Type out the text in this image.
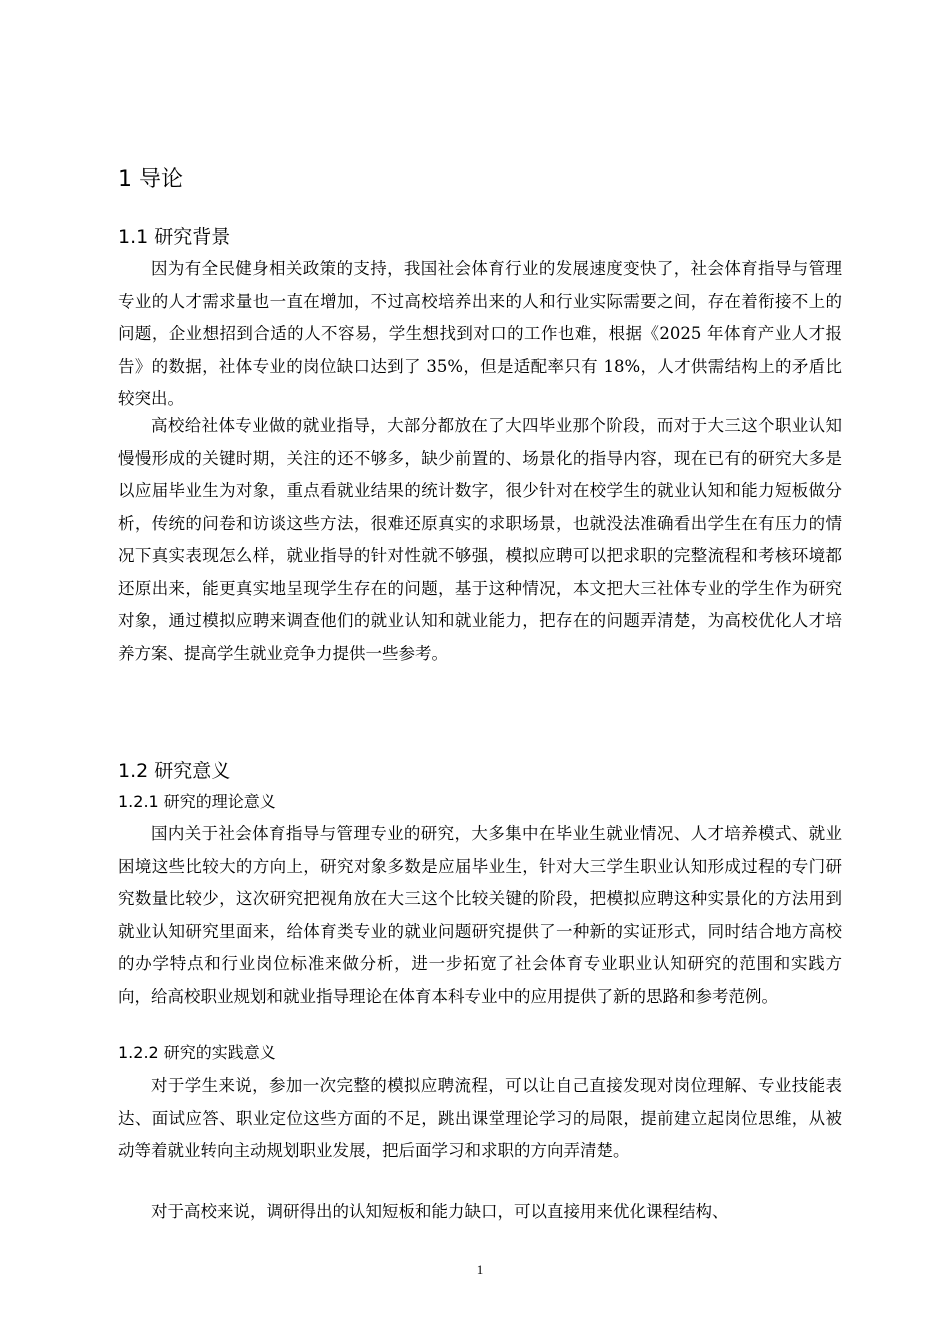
1 导论
1.1 研究背景

因为有全民健身相关政策的支持，我国社会体育行业的发展速度变快了，社会体育指导与管理专业的人才需求量也一直在增加，不过高校培养出来的人和行业实际需要之间，存在着衔接不上的问题，企业想招到合适的人不容易，学生想找到对口的工作也难，根据《2025 年体育产业人才报告》的数据，社体专业的岗位缺口达到了 35%，但是适配率只有 18%，人才供需结构上的矛盾比较突出。

高校给社体专业做的就业指导，大部分都放在了大四毕业那个阶段，而对于大三这个职业认知慢慢形成的关键时期，关注的还不够多，缺少前置的、场景化的指导内容，现在已有的研究大多是以应届毕业生为对象，重点看就业结果的统计数字，很少针对在校学生的就业认知和能力短板做分析，传统的问卷和访谈这些方法，很难还原真实的求职场景，也就没法准确看出学生在有压力的情况下真实表现怎么样，就业指导的针对性就不够强，模拟应聘可以把求职的完整流程和考核环境都还原出来，能更真实地呈现学生存在的问题，基于这种情况，本文把大三社体专业的学生作为研究对象，通过模拟应聘来调查他们的就业认知和就业能力，把存在的问题弄清楚，为高校优化人才培养方案、提高学生就业竞争力提供一些参考。

1.2 研究意义
1.2.1 研究的理论意义

国内关于社会体育指导与管理专业的研究，大多集中在毕业生就业情况、人才培养模式、就业困境这些比较大的方向上，研究对象多数是应届毕业生，针对大三学生职业认知形成过程的专门研究数量比较少，这次研究把视角放在大三这个比较关键的阶段，把模拟应聘这种实景化的方法用到就业认知研究里面来，给体育类专业的就业问题研究提供了一种新的实证形式，同时结合地方高校的办学特点和行业岗位标准来做分析，进一步拓宽了社会体育专业职业认知研究的范围和实践方向，给高校职业规划和就业指导理论在体育本科专业中的应用提供了新的思路和参考范例。

1.2.2 研究的实践意义

对于学生来说，参加一次完整的模拟应聘流程，可以让自己直接发现对岗位理解、专业技能表达、面试应答、职业定位这些方面的不足，跳出课堂理论学习的局限，提前建立起岗位思维，从被动等着就业转向主动规划职业发展，把后面学习和求职的方向弄清楚。

对于高校来说，调研得出的认知短板和能力缺口，可以直接用来优化课程结构、

1
